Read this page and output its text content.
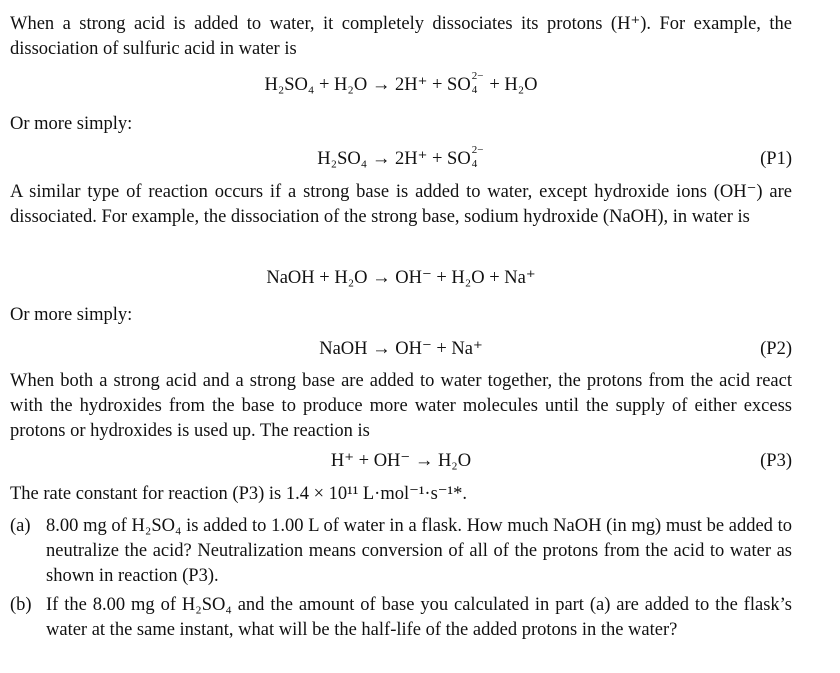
When a strong acid is added to water, it completely dissociates its protons (H⁺). For example, the dissociation of sulfuric acid in water is

H₂SO₄ + H₂O → 2H⁺ + SO 2−
4 + H₂O

Or more simply:

H₂SO₄ → 2H⁺ + SO 2−
4	(P1)

A similar type of reaction occurs if a strong base is added to water, except hydroxide ions (OH⁻) are dissociated. For example, the dissociation of the strong base, sodium hydroxide (NaOH), in water is

NaOH + H₂O → OH⁻ + H₂O + Na⁺

Or more simply:

NaOH → OH⁻ + Na⁺	(P2)

When both a strong acid and a strong base are added to water together, the protons from the acid react with the hydroxides from the base to produce more water molecules until the supply of either excess protons or hydroxides is used up. The reaction is

H⁺ + OH⁻ → H₂O	(P3)

The rate constant for reaction (P3) is 1.4 × 10¹¹ L·mol⁻¹·s⁻¹*.

(a) 8.00 mg of H₂SO₄ is added to 1.00 L of water in a flask. How much NaOH (in mg) must be added to neutralize the acid? Neutralization means conversion of all of the protons from the acid to water as shown in reaction (P3).

(b) If the 8.00 mg of H₂SO₄ and the amount of base you calculated in part (a) are added to the flask’s water at the same instant, what will be the half-life of the added protons in the water?
